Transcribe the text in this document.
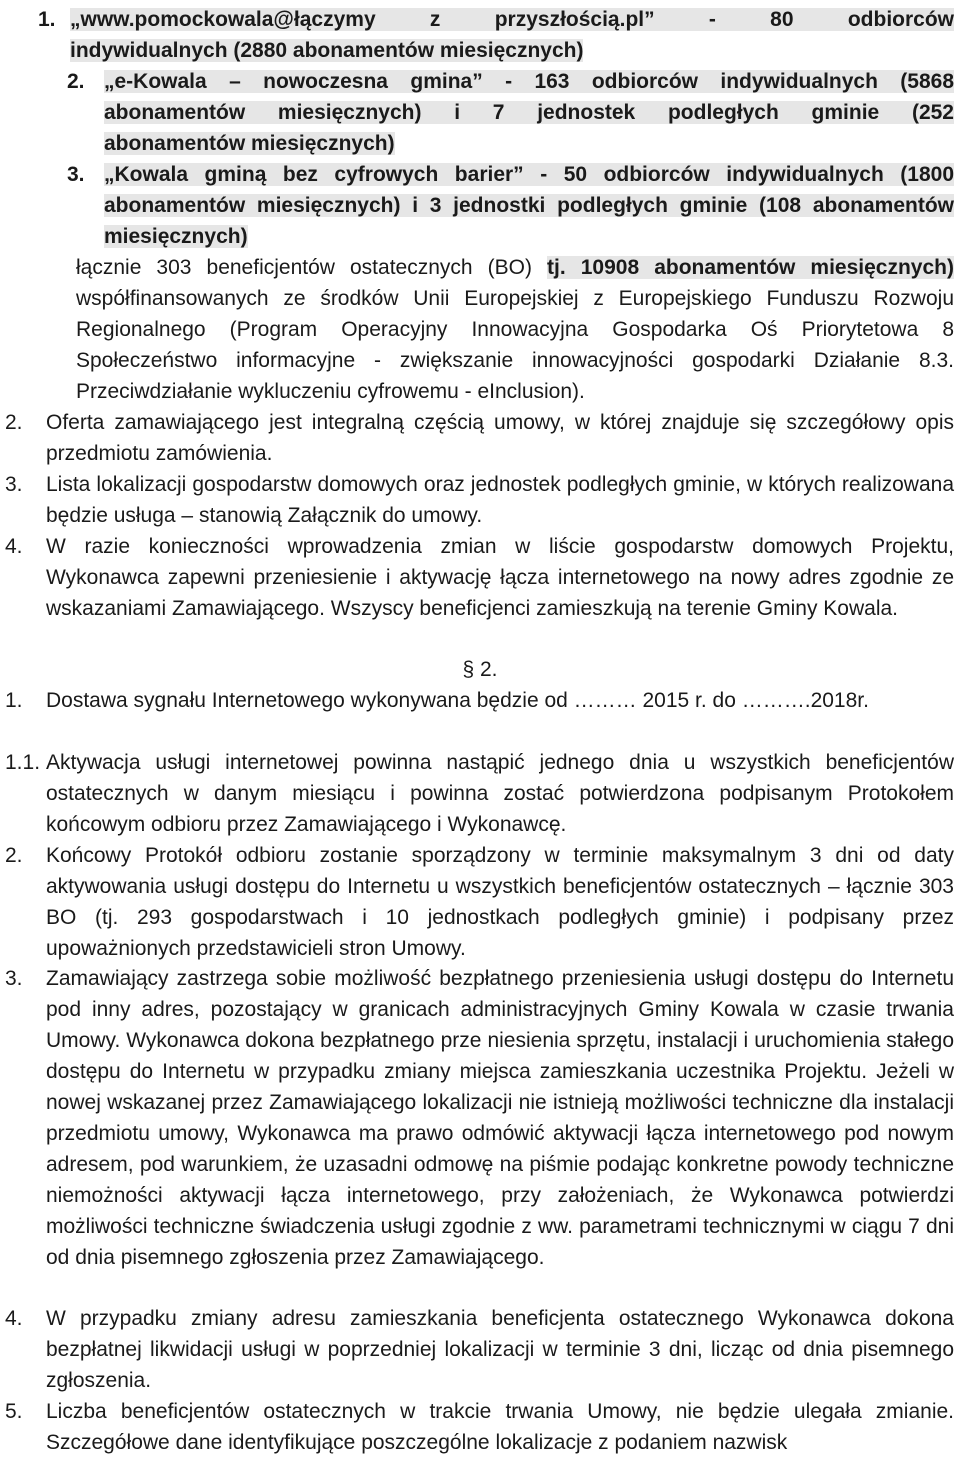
1. „www.pomockowala@łączymy z przyszłością.pl” - 80 odbiorców
indywidualnych (2880 abonamentów miesięcznych)
2. „e-Kowala – nowoczesna gmina” - 163 odbiorców indywidualnych (5868
abonamentów miesięcznych) i 7 jednostek podległych gminie (252
abonamentów miesięcznych)
3. „Kowala gminą bez cyfrowych barier” - 50 odbiorców indywidualnych (1800
abonamentów miesięcznych) i 3 jednostki podległych gminie (108 abonamentów
miesięcznych)
łącznie 303 beneficjentów ostatecznych (BO) tj. 10908 abonamentów miesięcznych)
współfinansowanych ze środków Unii Europejskiej z Europejskiego Funduszu Rozwoju Regionalnego (Program Operacyjny Innowacyjna Gospodarka Oś Priorytetowa 8 Społeczeństwo informacyjne - zwiększanie innowacyjności gospodarki Działanie 8.3. Przeciwdziałanie wykluczeniu cyfrowemu - eInclusion).
2. Oferta zamawiającego jest integralną częścią umowy, w której znajduje się szczegółowy opis przedmiotu zamówienia.
3. Lista lokalizacji gospodarstw domowych oraz jednostek podległych gminie, w których realizowana będzie usługa – stanowią Załącznik do umowy.
4. W razie konieczności wprowadzenia zmian w liście gospodarstw domowych Projektu, Wykonawca zapewni przeniesienie i aktywację łącza internetowego na nowy adres zgodnie ze wskazaniami Zamawiającego. Wszyscy beneficjenci zamieszkują na terenie Gminy Kowala.
§ 2.
1. Dostawa sygnału Internetowego wykonywana będzie od ……… 2015 r. do ……….2018r.
1.1. Aktywacja usługi internetowej powinna nastąpić jednego dnia u wszystkich beneficjentów ostatecznych w danym miesiącu i powinna zostać potwierdzona podpisanym Protokołem końcowym odbioru przez Zamawiającego i Wykonawcę.
2. Końcowy Protokół odbioru zostanie sporządzony w terminie maksymalnym 3 dni od daty aktywowania usługi dostępu do Internetu u wszystkich beneficjentów ostatecznych – łącznie 303 BO (tj. 293 gospodarstwach i 10 jednostkach podległych gminie) i podpisany przez upoważnionych przedstawicieli stron Umowy.
3. Zamawiający zastrzega sobie możliwość bezpłatnego przeniesienia usługi dostępu do Internetu pod inny adres, pozostający w granicach administracyjnych Gminy Kowala w czasie trwania Umowy. Wykonawca dokona bezpłatnego prze niesienia sprzętu, instalacji i uruchomienia stałego dostępu do Internetu w przypadku zmiany miejsca zamieszkania uczestnika Projektu. Jeżeli w nowej wskazanej przez Zamawiającego lokalizacji nie istnieją możliwości techniczne dla instalacji przedmiotu umowy, Wykonawca ma prawo odmówić aktywacji łącza internetowego pod nowym adresem, pod warunkiem, że uzasadni odmowę na piśmie podając konkretne powody techniczne niemożności aktywacji łącza internetowego, przy założeniach, że Wykonawca potwierdzi możliwości techniczne świadczenia usługi zgodnie z ww. parametrami technicznymi w ciągu 7 dni od dnia pisemnego zgłoszenia przez Zamawiającego.
4. W przypadku zmiany adresu zamieszkania beneficjenta ostatecznego Wykonawca dokona bezpłatnej likwidacji usługi w poprzedniej lokalizacji w terminie 3 dni, licząc od dnia pisemnego zgłoszenia.
5. Liczba beneficjentów ostatecznych w trakcie trwania Umowy, nie będzie ulegała zmianie. Szczegółowe dane identyfikujące poszczególne lokalizacje z podaniem nazwisk
